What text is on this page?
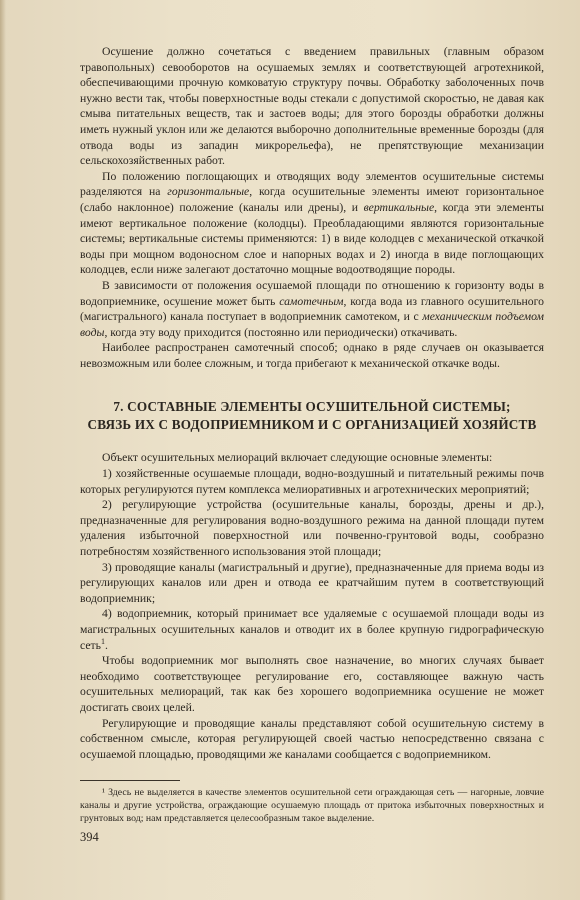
Осушение должно сочетаться с введением правильных (главным образом травопольных) севооборотов на осушаемых землях и соответствующей агротехникой, обеспечивающими прочную комковатую структуру почвы. Обработку заболоченных почв нужно вести так, чтобы поверхностные воды стекали с допустимой скоростью, не давая как смыва питательных веществ, так и застоев воды; для этого борозды обработки должны иметь нужный уклон или же делаются выборочно дополнительные временные борозды (для отвода воды из западин микрорельефа), не препятствующие механизации сельскохозяйственных работ.

По положению поглощающих и отводящих воду элементов осушительные системы разделяются на горизонтальные, когда осушительные элементы имеют горизонтальное (слабо наклонное) положение (каналы или дрены), и вертикальные, когда эти элементы имеют вертикальное положение (колодцы). Преобладающими являются горизонтальные системы; вертикальные системы применяются: 1) в виде колодцев с механической откачкой воды при мощном водоносном слое и напорных водах и 2) иногда в виде поглощающих колодцев, если ниже залегают достаточно мощные водоотводящие породы.

В зависимости от положения осушаемой площади по отношению к горизонту воды в водоприемнике, осушение может быть самотечным, когда вода из главного осушительного (магистрального) канала поступает в водоприемник самотеком, и с механическим подъемом воды, когда эту воду приходится (постоянно или периодически) откачивать.

Наиболее распространен самотечный способ; однако в ряде случаев он оказывается невозможным или более сложным, и тогда прибегают к механической откачке воды.

7. СОСТАВНЫЕ ЭЛЕМЕНТЫ ОСУШИТЕЛЬНОЙ СИСТЕМЫ;
СВЯЗЬ ИХ С ВОДОПРИЕМНИКОМ И С ОРГАНИЗАЦИЕЙ ХОЗЯЙСТВ

Объект осушительных мелиораций включает следующие основные элементы:

1) хозяйственные осушаемые площади, водно-воздушный и питательный режимы почв которых регулируются путем комплекса мелиоративных и агротехнических мероприятий;

2) регулирующие устройства (осушительные каналы, борозды, дрены и др.), предназначенные для регулирования водно-воздушного режима на данной площади путем удаления избыточной поверхностной или почвенно-грунтовой воды, сообразно потребностям хозяйственного использования этой площади;

3) проводящие каналы (магистральный и другие), предназначенные для приема воды из регулирующих каналов или дрен и отвода ее кратчайшим путем в соответствующий водоприемник;

4) водоприемник, который принимает все удаляемые с осушаемой площади воды из магистральных осушительных каналов и отводит их в более крупную гидрографическую сеть$^1$.

Чтобы водоприемник мог выполнять свое назначение, во многих случаях бывает необходимо соответствующее регулирование его, составляющее важную часть осушительных мелиораций, так как без хорошего водоприемника осушение не может достигать своих целей.

Регулирующие и проводящие каналы представляют собой осушительную систему в собственном смысле, которая регулирующей своей частью непосредственно связана с осушаемой площадью, проводящими же каналами сообщается с водоприемником.

¹ Здесь не выделяется в качестве элементов осушительной сети ограждающая сеть — нагорные, ловчие каналы и другие устройства, ограждающие осушаемую площадь от притока избыточных поверхностных и грунтовых вод; нам представляется целесообразным такое выделение.

394
